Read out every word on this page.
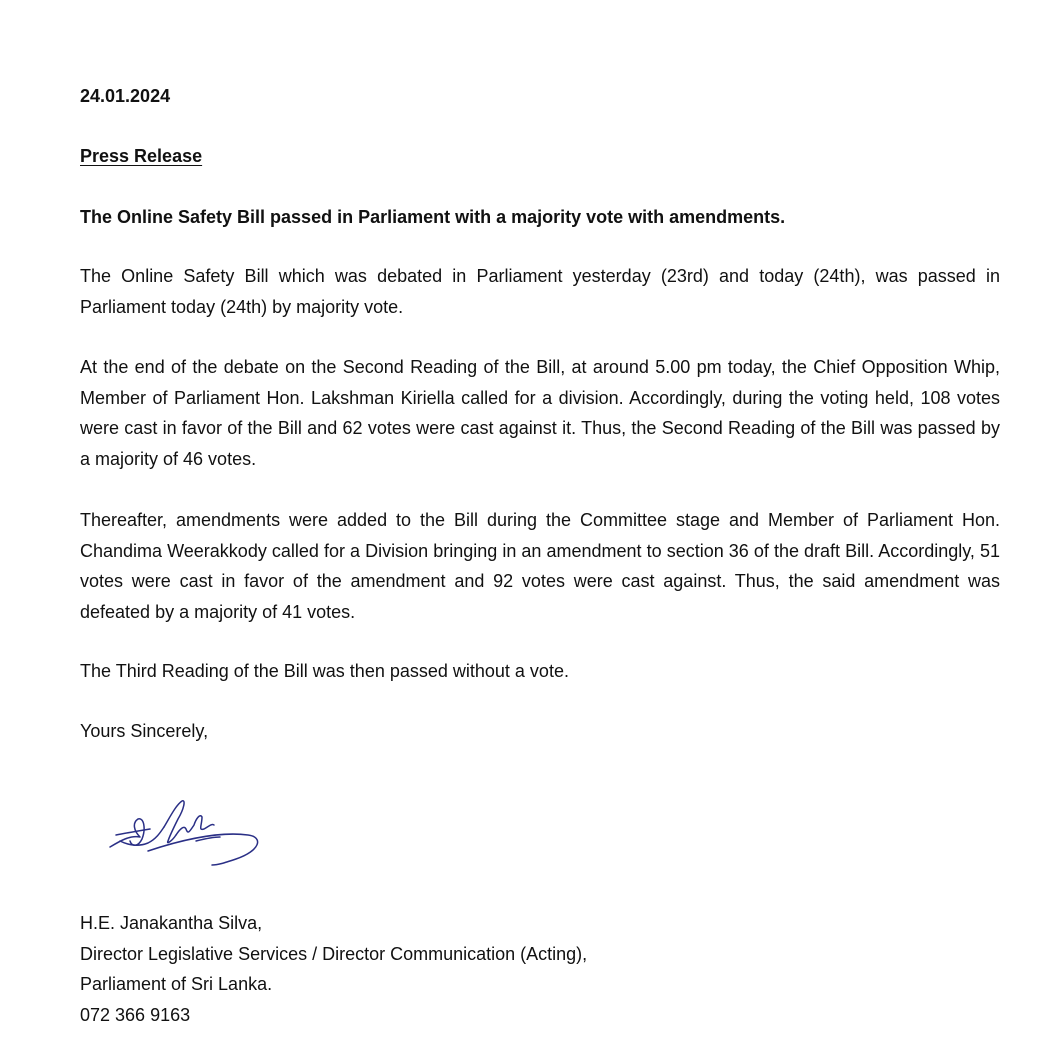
24.01.2024
Press Release
The Online Safety Bill passed in Parliament with a majority vote with amendments.

The Online Safety Bill which was debated in Parliament yesterday (23rd) and today (24th), was passed in Parliament today (24th) by majority vote.

At the end of the debate on the Second Reading of the Bill, at around 5.00 pm today, the Chief Opposition Whip, Member of Parliament Hon. Lakshman Kiriella called for a division. Accordingly, during the voting held, 108 votes were cast in favor of the Bill and 62 votes were cast against it. Thus, the Second Reading of the Bill was passed by a majority of 46 votes.

Thereafter, amendments were added to the Bill during the Committee stage and Member of Parliament Hon. Chandima Weerakkody called for a Division bringing in an amendment to section 36 of the draft Bill. Accordingly, 51 votes were cast in favor of the amendment and 92 votes were cast against. Thus, the said amendment was defeated by a majority of 41 votes.

The Third Reading of the Bill was then passed without a vote.

Yours Sincerely,

H.E. Janakantha Silva,
Director Legislative Services / Director Communication (Acting),
Parliament of Sri Lanka.
072 366 9163
